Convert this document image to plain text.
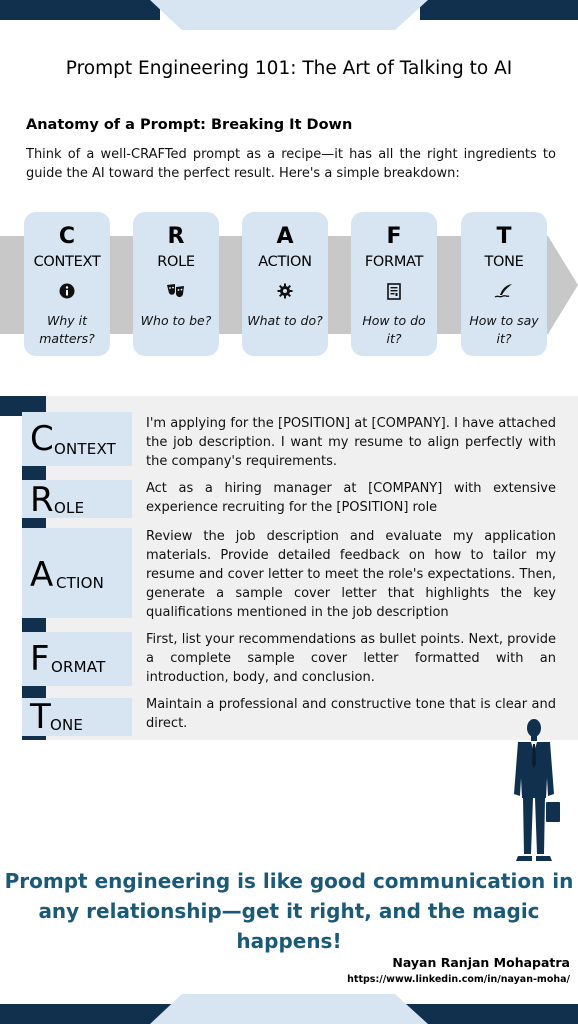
Prompt Engineering 101: The Art of Talking to AI
Anatomy of a Prompt: Breaking It Down
Think of a well-CRAFTed prompt as a recipe—it has all the right ingredients to guide the AI toward the perfect result. Here's a simple breakdown:
C
CONTEXT
Why it matters?
R
ROLE
Who to be?
A
ACTION
What to do?
F
FORMAT
How to do it?
T
TONE
How to say it?
C ONTEXT
I'm applying for the [POSITION] at [COMPANY]. I have attached the job description. I want my resume to align perfectly with the company's requirements.
R OLE
Act as a hiring manager at [COMPANY] with extensive experience recruiting for the [POSITION] role
A CTION
Review the job description and evaluate my application materials. Provide detailed feedback on how to tailor my resume and cover letter to meet the role's expectations. Then, generate a sample cover letter that highlights the key qualifications mentioned in the job description
F ORMAT
First, list your recommendations as bullet points. Next, provide a complete sample cover letter formatted with an introduction, body, and conclusion.
T ONE
Maintain a professional and constructive tone that is clear and direct.
Prompt engineering is like good communication in
any relationship—get it right, and the magic happens!
Nayan Ranjan Mohapatra
https://www.linkedin.com/in/nayan-moha/
